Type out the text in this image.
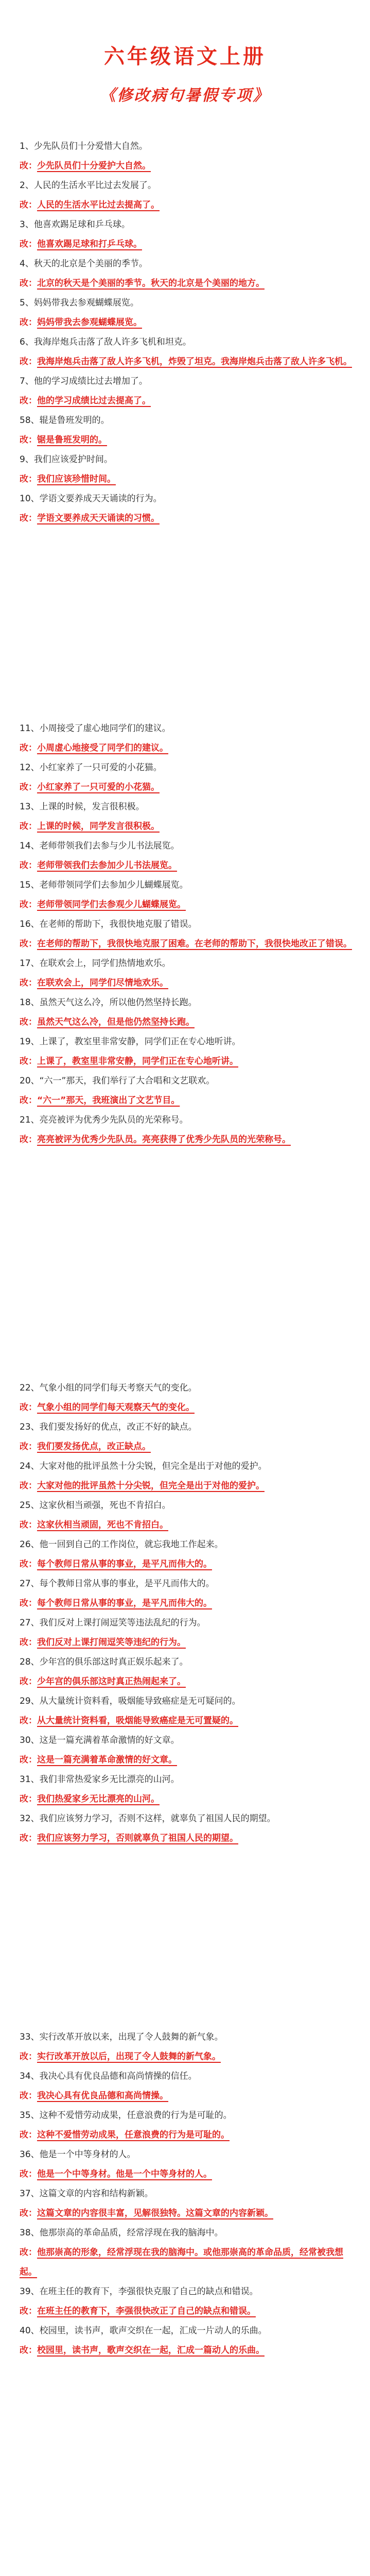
六年级语文上册
《修改病句暑假专项》
1、少先队员们十分爱惜大自然。
改：少先队员们十分爱护大自然。
2、人民的生活水平比过去发展了。
改：人民的生活水平比过去提高了。
3、他喜欢踢足球和乒乓球。
改：他喜欢踢足球和打乒乓球。
4、秋天的北京是个美丽的季节。
改：北京的秋天是个美丽的季节。秋天的北京是个美丽的地方。
5、妈妈带我去参观蝴蝶展览。
改：妈妈带我去参观蝴蝶展览。
6、我海岸炮兵击落了敌人许多飞机和坦克。
改：我海岸炮兵击落了敌人许多飞机，炸毁了坦克。我海岸炮兵击落了敌人许多飞机。
7、他的学习成绩比过去增加了。
改：他的学习成绩比过去提高了。
58、辊是鲁班发明的。
改：锯是鲁班发明的。
9、我们应该爱护时间。
改：我们应该珍惜时间。
10、学语文要养成天天诵读的行为。
改：学语文要养成天天诵读的习惯。
11、小周接受了虚心地同学们的建议。
改：小周虚心地接受了同学们的建议。
12、小红家养了一只可爱的小花猫。
改：小红家养了一只可爱的小花猫。
13、上课的时候，发言很积极。
改：上课的时候，同学发言很积极。
14、老师带领我们去参与少儿书法展览。
改：老师带领我们去参加少儿书法展览。
15、老师带领同学们去参加少儿蝴蝶展览。
改：老师带领同学们去参观少儿蝴蝶展览。
16、在老师的帮助下，我很快地克服了错误。
改：在老师的帮助下，我很快地克服了困难。在老师的帮助下，我很快地改正了错误。
17、在联欢会上，同学们热情地欢乐。
改：在联欢会上，同学们尽情地欢乐。
18、虽然天气这么冷，所以他仍然坚持长跑。
改：虽然天气这么冷，但是他仍然坚持长跑。
19、上课了，教室里非常安静，同学们正在专心地听讲。
改：上课了，教室里非常安静，同学们正在专心地听讲。
20、“六一”那天，我们举行了大合唱和文艺联欢。
改：“六一”那天，我班演出了文艺节目。
21、亮亮被评为优秀少先队员的光荣称号。
改：亮亮被评为优秀少先队员。亮亮获得了优秀少先队员的光荣称号。
22、气象小组的同学们每天考察天气的变化。
改：气象小组的同学们每天观察天气的变化。
23、我们要发扬好的优点，改正不好的缺点。
改：我们要发扬优点，改正缺点。
24、大家对他的批评虽然十分尖锐，但完全是出于对他的爱护。
改：大家对他的批评虽然十分尖锐，但完全是出于对他的爱护。
25、这家伙相当顽强，死也不肯招白。
改：这家伙相当顽固，死也不肯招白。
26、他一回到自己的工作岗位，就忘我地工作起来。
改：每个教师日常从事的事业，是平凡而伟大的。
27、每个教师日常从事的事业，是平凡而伟大的。
改：每个教师日常从事的事业，是平凡而伟大的。
27、我们反对上课打闹逗笑等违法乱纪的行为。
改：我们反对上课打闹逗笑等违纪的行为。
28、少年宫的俱乐部这时真正娱乐起来了。
改：少年宫的俱乐部这时真正热闹起来了。
29、从大量统计资料看，吸烟能导致癌症是无可疑问的。
改：从大量统计资料看，吸烟能导致癌症是无可置疑的。
30、这是一篇充满着革命激情的好文章。
改：这是一篇充满着革命激情的好文章。
31、我们非常热爱家乡无比漂亮的山河。
改：我们热爱家乡无比漂亮的山河。
32、我们应该努力学习，否则不这样，就辜负了祖国人民的期望。
改：我们应该努力学习，否则就辜负了祖国人民的期望。
33、实行改革开放以来，出现了令人鼓舞的新气象。
改：实行改革开放以后，出现了令人鼓舞的新气象。
34、我决心具有优良品德和高尚情操的信任。
改：我决心具有优良品德和高尚情操。
35、这种不爱惜劳动成果，任意浪费的行为是可耻的。
改：这种不爱惜劳动成果，任意浪费的行为是可耻的。
36、他是一个中等身材的人。
改：他是一个中等身材。他是一个中等身材的人。
37、这篇文章的内容和结构新颖。
改：这篇文章的内容很丰富，见解很独特。这篇文章的内容新颖。
38、他那崇高的革命品质，经常浮现在我的脑海中。
改：他那崇高的形象，经常浮现在我的脑海中。或他那崇高的革命品质，经常被我想起。
39、在班主任的教育下，李强很快克服了自己的缺点和错误。
改：在班主任的教育下，李强很快改正了自己的缺点和错误。
40、校园里，读书声，歌声交织在一起，汇成一片动人的乐曲。
改：校园里，读书声，歌声交织在一起，汇成一篇动人的乐曲。
